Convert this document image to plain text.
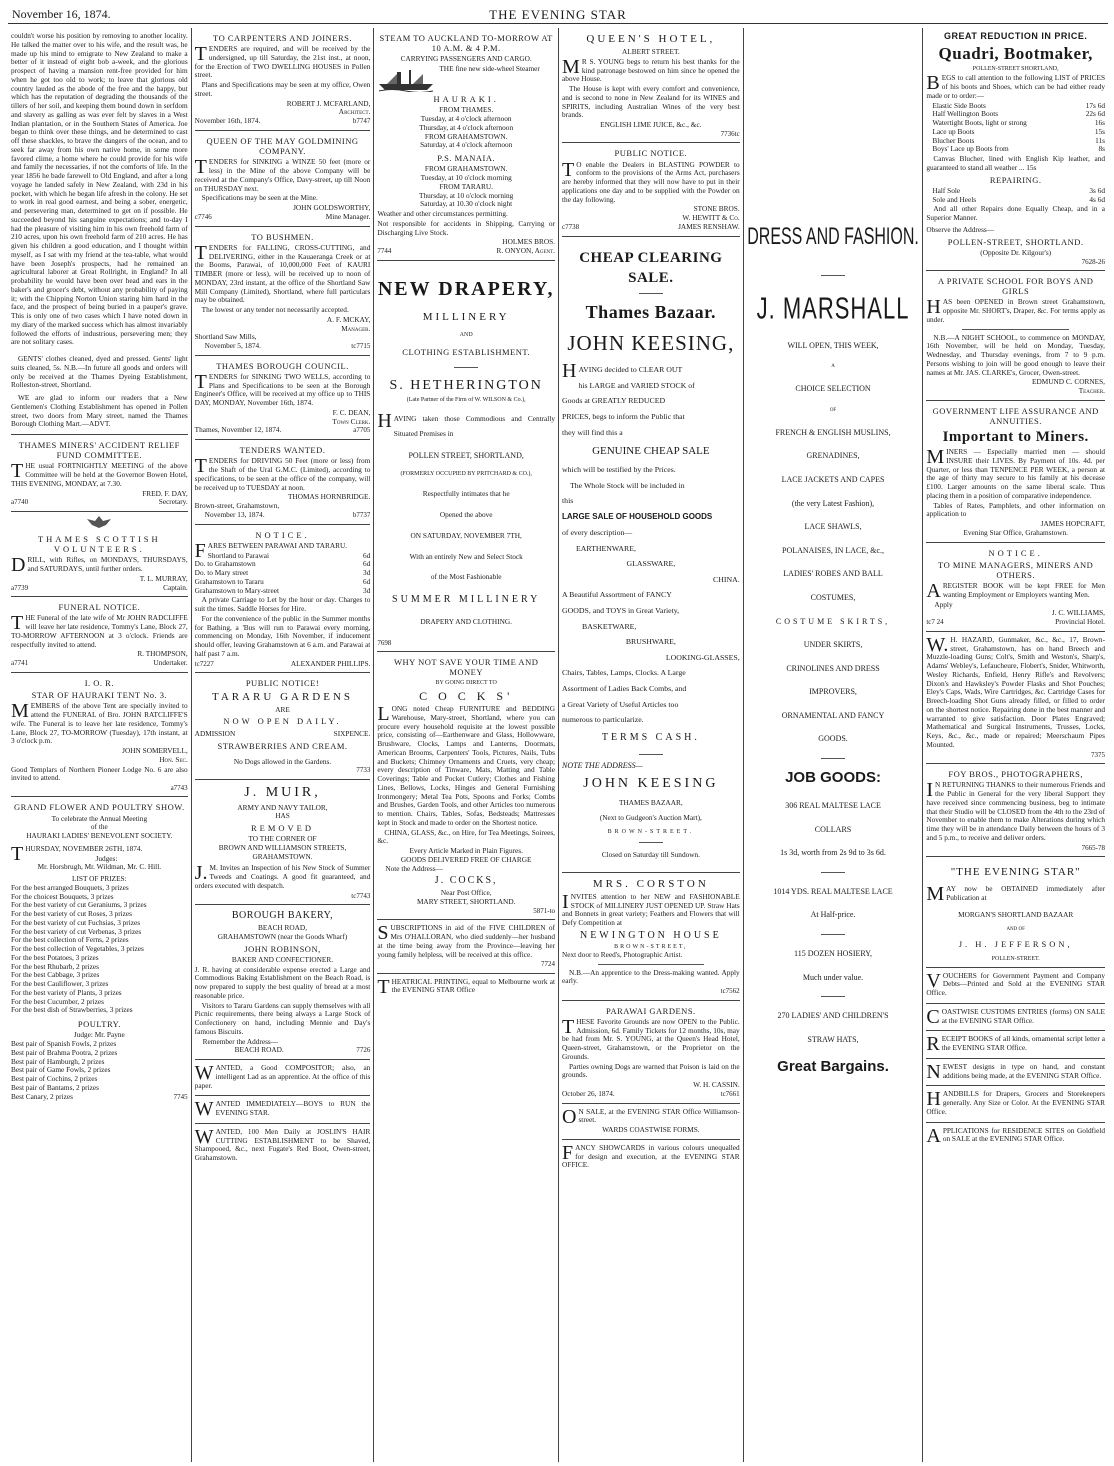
November 16, 1874.	THE EVENING STAR

couldn't worse his position by removing to another locality. He talked the matter over to his wife, and the result was, he made up his mind to emigrate to New Zealand to make a better of it instead of eight bob a-week, and the glorious prospect of having a mansion rent-free provided for him when he got too old to work; to leave that glorious old country lauded as the abode of the free and the happy, but which has the reputation of degrading the thousands of the tillers of her soil, and keeping them bound down in serfdom and slavery as galling as was ever felt by slaves in a West Indian plantation, or in the Southern States of America. Joe began to think over these things, and he determined to cast off these shackles, to brave the dangers of the ocean, and to seek far away from his own native home, in some more favored clime, a home where he could provide for his wife and family the necessaries, if not the comforts of life. In the year 1856 he bade farewell to Old England, and after a long voyage he landed safely in New Zealand, with 23d in his pocket, with which he began life afresh in the colony. He set to work in real good earnest, and being a sober, energetic, and persevering man, determined to get on if possible. He succeeded beyond his sanguine expectations; and to-day I had the pleasure of visiting him in his own freehold farm of 210 acres, upon his own freehold farm of 210 acres. He has given his children a good education, and I thought within myself, as I sat with my friend at the tea-table, what would have been Joseph's prospects, had he remained an agricultural laborer at Great Rollright, in England? In all probability he would have been over head and ears in the baker's and grocer's debt, without any probability of paying it; with the Chipping Norton Union staring him hard in the face, and the prospect of being buried in a pauper's grave. This is only one of two cases which I have noted down in my diary of the marked success which has almost invariably followed the efforts of industrious, persevering men; they are not solitary cases.

GENTS' clothes cleaned, dyed and pressed. Gents' light suits cleaned, 5s. N.B.—In future all goods and orders will only be received at the Thames Dyeing Establishment, Rolleston-street, Shortland.

WE are glad to inform our readers that a New Gentlemen's Clothing Establishment has opened in Pollen street, two doors from Mary street, named the Thames Borough Clothing Mart.—ADVT.

THAMES MINERS' ACCIDENT RELIEF FUND COMMITTEE.

THE usual FORTNIGHTLY MEETING of the above Committee will be held at the Governor Bowen Hotel, THIS EVENING, MONDAY, at 7.30.

FRED. F. DAY,
a7740	Secretary.
THAMES SCOTTISH VOLUNTEERS.

DRILL, with Rifles, on MONDAYS, THURSDAYS, and SATURDAYS, until further orders.

T. L. MURRAY,
a7739	Captain.
FUNERAL NOTICE.

THE Funeral of the late wife of Mr JOHN RADCLIFFE will leave her late residence, Tommy's Lane, Block 27, TO-MORROW AFTERNOON at 3 o'clock. Friends are respectfully invited to attend.

R. THOMPSON,
a7741	Undertaker.
I. O. R.
STAR OF HAURAKI TENT No. 3.

MEMBERS of the above Tent are specially invited to attend the FUNERAL of Bro. JOHN RATCLIFFE'S wife. The Funeral is to leave her late residence, Tommy's Lane, Block 27, TO-MORROW (Tuesday), 17th instant, at 3 o'clock p.m.

JOHN SOMERVELL,
Hon. Sec.

Good Templars of Northern Pioneer Lodge No. 6 are also invited to attend.

a7743
GRAND FLOWER AND POULTRY SHOW.
To celebrate the Annual Meeting
of the
HAURAKI LADIES' BENEVOLENT SOCIETY.

THURSDAY, NOVEMBER 26TH, 1874.

Judges:
Mr. Horsbrugh, Mr. Wildman, Mr. C. Hill.
LIST OF PRIZES:
For the best arranged Bouquets, 3 prizes
For the choicest Bouquets, 3 prizes
For the best variety of cut Geraniums, 3 prizes
For the best variety of cut Roses, 3 prizes
For the best variety of cut Fuchsias, 3 prizes
For the best variety of cut Verbenas, 3 prizes
For the best collection of Ferns, 2 prizes
For the best collection of Vegetables, 3 prizes
For the best Potatoes, 3 prizes
For the best Rhubarb, 2 prizes
For the best Cabbage, 3 prizes
For the best Cauliflower, 3 prizes
For the best variety of Plants, 3 prizes
For the best Cucumber, 2 prizes
For the best dish of Strawberries, 3 prizes
POULTRY.
Judge: Mr. Payne
Best pair of Spanish Fowls, 2 prizes
Best pair of Brahma Pootra, 2 prizes
Best pair of Hamburgh, 2 prizes
Best pair of Game Fowls, 2 prizes
Best pair of Cochins, 2 prizes
Best pair of Bantams, 2 prizes
Best Canary, 2 prizes	7745
TO CARPENTERS AND JOINERS.

TENDERS are required, and will be received by the undersigned, up till Saturday, the 21st inst., at noon, for the Erection of TWO DWELLING HOUSES in Pollen street.

Plans and Specifications may be seen at my office, Owen street.

ROBERT J. MCFARLAND,
Architect.
November 16th, 1874.	b7747
QUEEN OF THE MAY GOLDMINING COMPANY.

TENDERS for SINKING a WINZE 50 feet (more or less) in the Mine of the above Company will be received at the Company's Office, Davy-street, up till Noon on THURSDAY next.

Specifications may be seen at the Mine.

JOHN GOLDSWORTHY,
c7746	Mine Manager.
TO BUSHMEN.

TENDERS for FALLING, CROSS-CUTTING, and DELIVERING, either in the Kauaeranga Creek or at the Booms, Parawai, of 10,000,000 Feet of KAURI TIMBER (more or less), will be received up to noon of MONDAY, 23rd instant, at the office of the Shortland Saw Mill Company (Limited), Shortland, where full particulars may be obtained.

The lowest or any tender not necessarily accepted.

A. F. MCKAY,
Manager.
Shortland Saw Mills,
November 5, 1874.	tc7715
THAMES BOROUGH COUNCIL.

TENDERS for SINKING TWO WELLS, according to Plans and Specifications to be seen at the Borough Engineer's Office, will be received at my office up to THIS DAY, MONDAY, November 16th, 1874.

F. C. DEAN,
Town Clerk.
Thames, November 12, 1874.	a7705
TENDERS WANTED.

TENDERS for DRIVING 50 Feet (more or less) from the Shaft of the Ural G.M.C. (Limited), according to specifications, to be seen at the office of the company, will be received up to TUESDAY at noon.

THOMAS HORNBRIDGE.
Brown-street, Grahamstown,
November 13, 1874.	b7737
NOTICE.

FARES BETWEEN PARAWAI AND TARARU.

Shortland to Parawai	6d
Do. to Grahamstown	6d
Do. to Mary street	3d
Grahamstown to Tararu	6d
Grahamstown to Mary-street	3d

A private Carriage to Let by the hour or day. Charges to suit the times. Saddle Horses for Hire.

For the convenience of the public in the Summer months for Bathing, a 'Bus will run to Parawai every morning, commencing on Monday, 16th November, if inducement should offer, leaving Grahamstown at 6 a.m. and Parawai at half past 7 a.m.

tc7227	ALEXANDER PHILLIPS.
PUBLIC NOTICE!
TARARU GARDENS
ARE
NOW OPEN DAILY.
ADMISSION	SIXPENCE.
STRAWBERRIES AND CREAM.
No Dogs allowed in the Gardens.
7733
J. MUIR,
ARMY AND NAVY TAILOR,
HAS
REMOVED
TO THE CORNER OF
BROWN AND WILLIAMSON STREETS, GRAHAMSTOWN.

J.M. Invites an Inspection of his New Stock of Summer Tweeds and Coatings. A good fit guaranteed, and orders executed with despatch.

tc7743
BOROUGH BAKERY,
BEACH ROAD,
GRAHAMSTOWN (near the Goods Wharf)
JOHN ROBINSON,
BAKER AND CONFECTIONER.

J. R. having at considerable expense erected a Large and Commodious Baking Establishment on the Beach Road, is now prepared to supply the best quality of bread at a most reasonable price.

Visitors to Tararu Gardens can supply themselves with all Picnic requirements, there being always a Large Stock of Confectionery on hand, including Mennie and Day's famous Biscuits.

Remember the Address—
BEACH ROAD.	7726

WANTED, a Good COMPOSITOR; also, an intelligent Lad as an apprentice. At the office of this paper.

WANTED IMMEDIATELY—BOYS to RUN the EVENING STAR.

WANTED, 100 Men Daily at JOSLIN'S HAIR CUTTING ESTABLISHMENT to be Shaved, Shampooed, &c., next Fugate's Red Boot, Owen-street, Grahamstown.

STEAM TO AUCKLAND TO-MORROW AT 10 A.M. & 4 P.M.
CARRYING PASSENGERS AND CARGO.

THE fine new side-wheel Steamer

HAURAKI.
FROM THAMES.
Tuesday, at 4 o'clock afternoon
Thursday, at 4 o'clock afternoon
FROM GRAHAMSTOWN.
Saturday, at 4 o'clock afternoon
P.S. MANAIA.
FROM GRAHAMSTOWN.
Tuesday, at 10 o'clock morning
FROM TARARU.
Thursday, at 10 o'clock morning
Saturday, at 10.30 o'clock night

Weather and other circumstances permitting.

Not responsible for accidents in Shipping, Carrying or Discharging Live Stock.

HOLMES BROS.
7744	R. ONYON, Agent.
NEW DRAPERY,
MILLINERY
AND
CLOTHING ESTABLISHMENT.
S. HETHERINGTON
(Late Partner of the Firm of W. WILSON & Co.),

HAVING taken those Commodious and Centrally Situated Premises in

POLLEN STREET, SHORTLAND,
(FORMERLY OCCUPIED BY PRITCHARD & CO.),
Respectfully intimates that he
Opened the above
ON SATURDAY, NOVEMBER 7TH,
With an entirely New and Select Stock
of the Most Fashionable
SUMMER MILLINERY
DRAPERY AND CLOTHING.
7698
WHY NOT SAVE YOUR TIME AND MONEY
BY GOING DIRECT TO
C O C K S'

LONG noted Cheap FURNITURE and BEDDING Warehouse, Mary-street, Shortland, where you can procure every household requisite at the lowest possible price, consisting of—Earthenware and Glass, Hollowware, Brushware, Clocks, Lamps and Lanterns, Doormats, American Brooms, Carpenters' Tools, Pictures, Nails, Tubs and Buckets; Chimney Ornaments and Cruets, very cheap; every description of Tinware, Mats, Matting and Table Coverings; Table and Pocket Cutlery; Clothes and Fishing Lines, Bellows, Locks, Hinges and General Furnishing Ironmongery; Metal Tea Pots, Spoons and Forks; Combs and Brushes, Garden Tools, and other Articles too numerous to mention. Chairs, Tables, Sofas, Bedsteads; Mattresses kept in Stock and made to order on the Shortest notice.

CHINA, GLASS, &c., on Hire, for Tea Meetings, Soirees, &c.

Every Article Marked in Plain Figures.
GOODS DELIVERED FREE OF CHARGE
Note the Address—
J. COCKS,
Near Post Office,
MARY STREET, SHORTLAND.
5871-to

SUBSCRIPTIONS in aid of the FIVE CHILDREN of Mrs O'HALLORAN, who died suddenly—her husband at the time being away from the Province—leaving her young family helpless, will be received at this office.

7724

THEATRICAL PRINTING, equal to Melbourne work at the EVENING STAR Office

QUEEN'S HOTEL,
ALBERT STREET.

MR S. YOUNG begs to return his best thanks for the kind patronage bestowed on him since he opened the above House.

The House is kept with every comfort and convenience, and is second to none in New Zealand for its WINES and SPIRITS, including Australian Wines of the very best brands.

ENGLISH LIME JUICE, &c., &c.
7736tc
PUBLIC NOTICE.

TO enable the Dealers in BLASTING POWDER to conform to the provisions of the Arms Act, purchasers are hereby informed that they will now have to put in their applications one day and to be supplied with the Powder on the day following.

STONE BROS.
W. HEWITT & Co.
c7738	JAMES RENSHAW.
CHEAP CLEARING
SALE.
Thames Bazaar.
JOHN KEESING,
HAVING decided to CLEAR OUT
his LARGE and VARIED STOCK of
Goods at GREATLY REDUCED
PRICES, begs to inform the Public that
they will find this a
GENUINE CHEAP SALE
which will be testified by the Prices.
The Whole Stock will be included in
this
LARGE SALE OF HOUSEHOLD GOODS
of every description—
EARTHENWARE,
GLASSWARE,
CHINA.
A Beautiful Assortment of FANCY
GOODS, and TOYS in Great Variety,
BASKETWARE,
BRUSHWARE,
LOOKING-GLASSES,
Chairs, Tables, Lamps, Clocks. A Large
Assortment of Ladies Back Combs, and
a Great Variety of Useful Articles too
numerous to particularize.
TERMS CASH.
NOTE THE ADDRESS—
JOHN KEESING
THAMES BAZAAR,
(Next to Gudgeon's Auction Mart),
BROWN-STREET.
Closed on Saturday till Sundown.
MRS. CORSTON

INVITES attention to her NEW and FASHIONABLE STOCK of MILLINERY JUST OPENED UP. Straw Hats and Bonnets in great variety; Feathers and Flowers that will Defy Competition at

NEWINGTON HOUSE
BROWN-STREET,
Next door to Reed's, Photographic Artist.

N.B.—An apprentice to the Dress-making wanted. Apply early.

tc7562
PARAWAI GARDENS.

THESE Favorite Grounds are now OPEN to the Public. Admission, 6d. Family Tickets for 12 months, 10s, may be had from Mr. S. YOUNG, at the Queen's Head Hotel, Queen-street, Grahamstown, or the Proprietor on the Grounds.

Parties owning Dogs are warned that Poison is laid on the grounds.

W. H. CASSIN.
October 26, 1874.	tc7661

ON SALE, at the EVENING STAR Office Williamson-street.

WARDS COASTWISE FORMS.

FANCY SHOWCARDS in various colours unequalled for design and execution, at the EVENING STAR OFFICE.

DRESS AND FASHION.
J. MARSHALL
WILL OPEN, THIS WEEK,
A
CHOICE SELECTION
OF
FRENCH & ENGLISH MUSLINS,
GRENADINES,
LACE JACKETS AND CAPES
(the very Latest Fashion),
LACE SHAWLS,
POLANAISES, IN LACE, &c.,
LADIES' ROBES AND BALL
COSTUMES,
COSTUME SKIRTS,
UNDER SKIRTS,
CRINOLINES AND DRESS
IMPROVERS,
ORNAMENTAL AND FANCY
GOODS.
JOB GOODS:
306 REAL MALTESE LACE
COLLARS
1s 3d, worth from 2s 9d to 3s 6d.
1014 YDS. REAL MALTESE LACE
At Half-price.
115 DOZEN HOSIERY,
Much under value.
270 LADIES' AND CHILDREN'S
STRAW HATS,
Great Bargains.
GREAT REDUCTION IN PRICE.
Quadri, Bootmaker,
POLLEN-STREET SHORTLAND,

BEGS to call attention to the following LIST of PRICES of his boots and Shoes, which can be had either ready made or to order:—

Elastic Side Boots	17s 6d
Half Wellington Boots	22s 6d
Watertight Boots, light or strong	16s
Lace up Boots	15s
Blucher Boots	11s
Boys' Lace up Boots from	8s

Canvas Blucher, lined with English Kip leather, and guaranteed to stand all weather ... 15s

REPAIRING.
Half Sole	3s 6d
Sole and Heels	4s 6d

And all other Repairs done Equally Cheap, and in a Superior Manner.

Observe the Address—
POLLEN-STREET, SHORTLAND.
(Opposite Dr. Kilgour's)
7628-26
A PRIVATE SCHOOL FOR BOYS AND GIRLS

HAS been OPENED in Brown street Grahamstown, opposite Mr. SHORT's, Draper, &c. For terms apply as under.

N.B.—A NIGHT SCHOOL, to commence on MONDAY, 16th November, will be held on Monday, Tuesday, Wednesday, and Thursday evenings, from 7 to 9 p.m. Persons wishing to join will be good enough to leave their names at Mr. JAS. CLARKE's, Grocer, Owen-street.

EDMUND C. CORNES,
Teacher.
GOVERNMENT LIFE ASSURANCE AND ANNUITIES.
Important to Miners.

MINERS — Especially married men — should INSURE their LIVES. By Payment of 10s. 4d. per Quarter, or less than TENPENCE PER WEEK, a person at the age of thirty may secure to his family at his decease £100. Larger amounts on the same liberal scale. Thus placing them in a position of comparative independence.

Tables of Rates, Pamphlets, and other information on application to

JAMES HOPCRAFT,
Evening Star Office, Grahamstown.
NOTICE.
TO MINE MANAGERS, MINERS AND OTHERS.

AREGISTER BOOK will be kept FREE for Men wanting Employment or Employers wanting Men.

Apply
J. C. WILLIAMS,
tc7 24	Provincial Hotel.

W.H. HAZARD, Gunmaker, &c., &c., 17, Brown-street, Grahamstown, has on hand Breech and Muzzle-loading Guns; Colt's, Smith and Weston's, Sharp's, Adams' Webley's, Lefaucheure, Flobert's, Snider, Whitworth, Wesley Richards, Enfield, Henry Rifle's and Revolvers; Dixon's and Hawksley's Powder Flasks and Shot Pouches; Eley's Caps, Wads, Wire Cartridges, &c. Cartridge Cases for Breech-loading Shot Guns already filled, or filled to order on the shortest notice. Repairing done in the best manner and warranted to give satisfaction. Door Plates Engraved; Mathematical and Surgical Instruments, Trusses, Locks, Keys, &c., &c., made or repaired; Meerschaum Pipes Mounted.

7375
FOY BROS., PHOTOGRAPHERS,

IN RETURNING THANKS to their numerous Friends and the Public in General for the very liberal Support they have received since commencing business, beg to intimate that their Studio will be CLOSED from the 4th to the 23rd of November to enable them to make Alterations during which time they will be in attendance Daily between the hours of 3 and 5 p.m., to receive and deliver orders.

7665-78
"THE EVENING STAR"

MAY now be OBTAINED immediately after Publication at

MORGAN'S SHORTLAND BAZAAR
AND OF
J. H. JEFFERSON,
POLLEN-STREET.

VOUCHERS for Government Payment and Company Debts—Printed and Sold at the EVENING STAR Office.

COASTWISE CUSTOMS ENTRIES (forms) ON SALE at the EVENING STAR Office.

RECEIPT BOOKS of all kinds, ornamental script letter a the EVENING STAR Office.

NEWEST designs in type on hand, and constant additions being made, at the EVENING STAR Office.

HANDBILLS for Drapers, Grocers and Storekeepers generally. Any Size or Color. At the EVENING STAR Office.

APPLICATIONS for RESIDENCE SITES on Goldfield on SALE at the EVENING STAR Office.
